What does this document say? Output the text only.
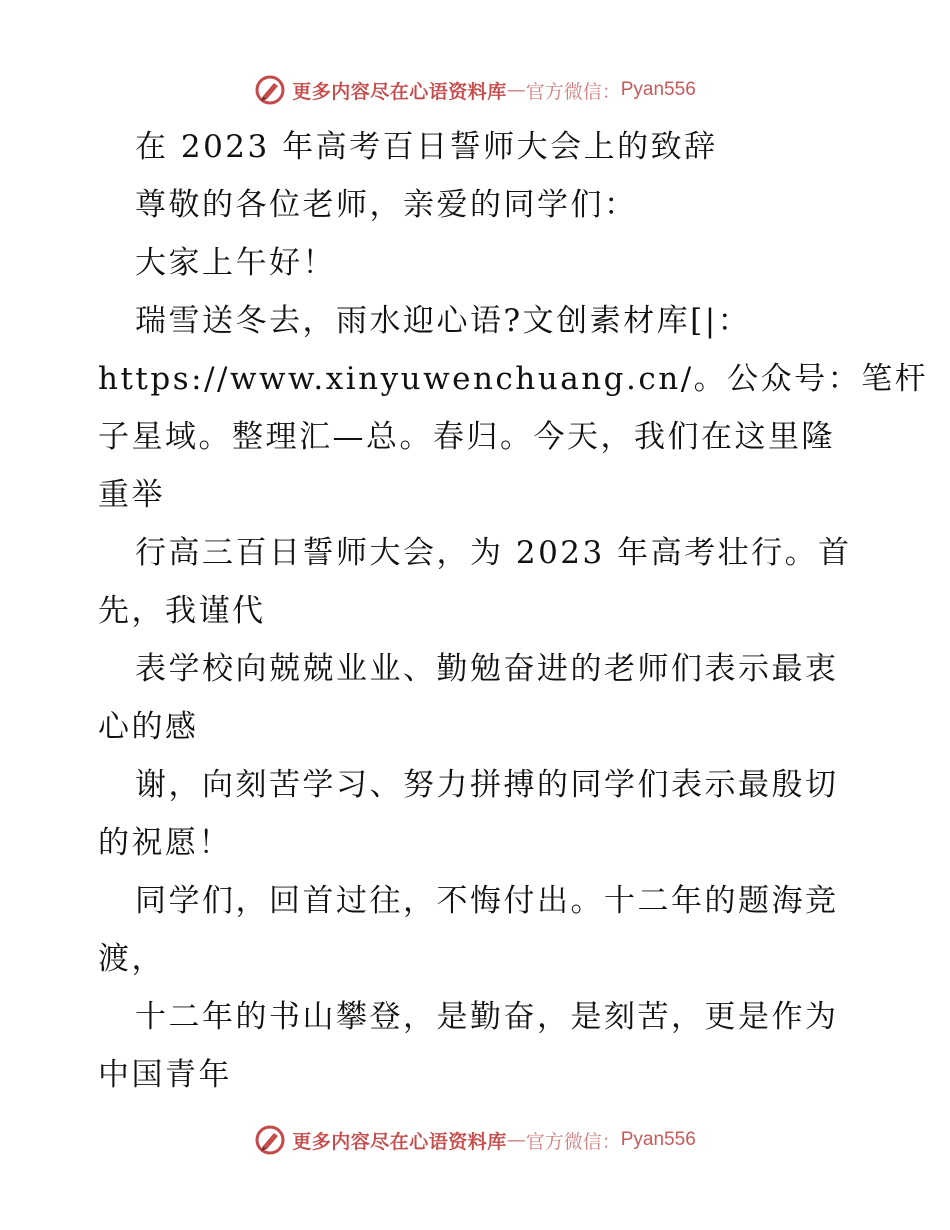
更多内容尽在心语资料库 — 官方微信： Pyan556
在 2023 年高考百日誓师大会上的致辞
尊敬的各位老师，亲爱的同学们：
大家上午好！
瑞雪送冬去，雨水迎心语?文创素材库[|：
https://www.xinyuwenchuang.cn/。公众号：笔杆
子星域。整理汇—总。春归。今天，我们在这里隆
重举
行高三百日誓师大会，为 2023 年高考壮行。首
先，我谨代
表学校向兢兢业业、勤勉奋进的老师们表示最衷
心的感
谢，向刻苦学习、努力拼搏的同学们表示最殷切
的祝愿！
同学们，回首过往，不悔付出。十二年的题海竞
渡，
十二年的书山攀登，是勤奋，是刻苦，更是作为
中国青年
更多内容尽在心语资料库 — 官方微信： Pyan556
